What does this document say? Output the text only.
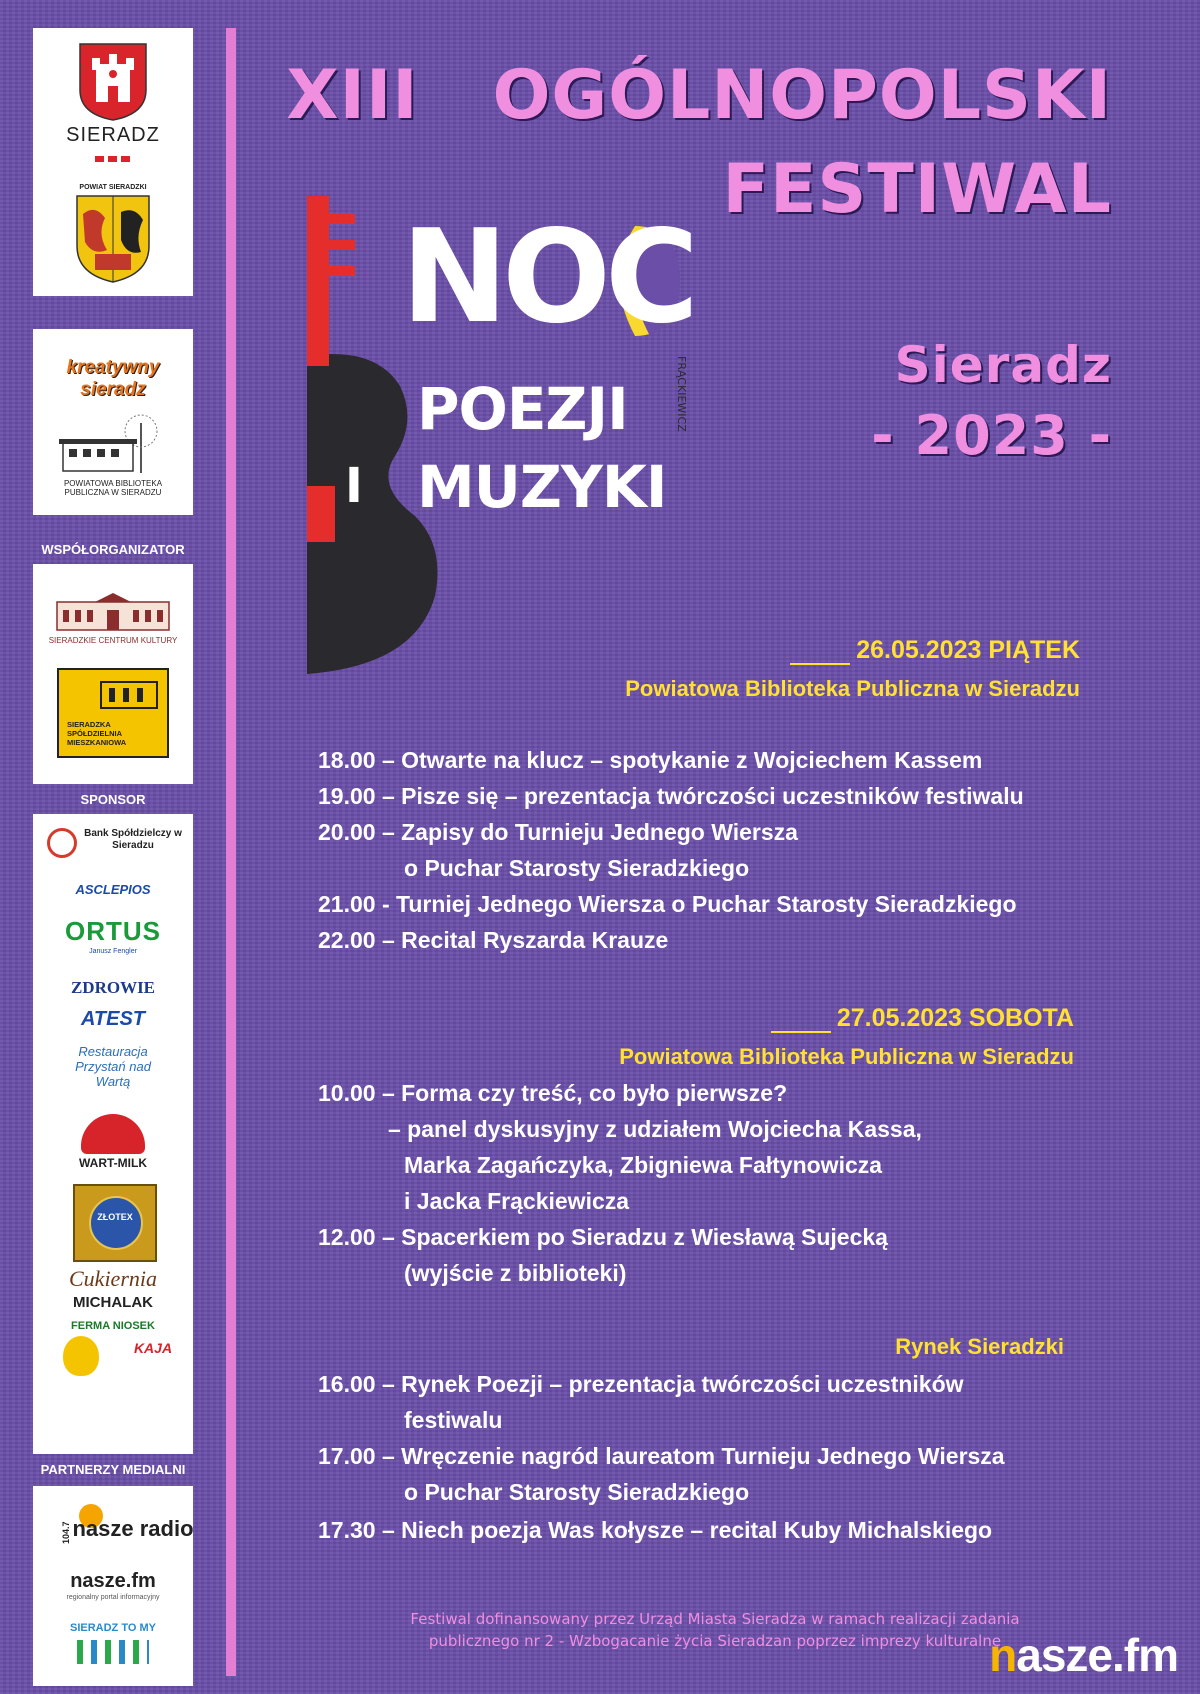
SIERADZ
POWIAT SIERADZKI
ORGANIZATOR
kreatywny sieradz
POWIATOWA BIBLIOTEKA PUBLICZNA W SIERADZU
WSPÓŁORGANIZATOR
SIERADZKIE CENTRUM KULTURY
SIERADZKA SPÓŁDZIELNIA MIESZKANIOWA
SPONSOR
Bank Spółdzielczy w Sieradzu
ASCLEPIOS
ORTUS
Janusz Fengler
ZDROWIE
ATEST
Restauracja Przystań nad Wartą
WART-MILK
ZŁOTEX
Cukiernia
MICHALAK
FERMA NIOSEK
KAJA
PARTNERZY MEDIALNI
104.7 nasze radio
nasze.fm
regionalny portal informacyjny
SIERADZ TO MY
XIII   OGÓLNOPOLSKI
FESTIWAL
Sieradz
- 2023 -
NOC
POEZJI
I MUZYKI
FRĄCKIEWICZ
26.05.2023 PIĄTEK
Powiatowa Biblioteka Publiczna w Sieradzu
18.00 – Otwarte na klucz – spotykanie z Wojciechem Kassem
19.00 – Pisze się – prezentacja twórczości uczestników festiwalu
20.00 – Zapisy do Turnieju Jednego Wiersza
o Puchar Starosty Sieradzkiego
21.00 - Turniej Jednego Wiersza o Puchar Starosty Sieradzkiego
22.00 – Recital Ryszarda Krauze
27.05.2023 SOBOTA
Powiatowa Biblioteka Publiczna w Sieradzu
10.00 – Forma czy treść, co było pierwsze?
– panel dyskusyjny z udziałem Wojciecha Kassa,
Marka Zagańczyka, Zbigniewa Fałtynowicza
i Jacka Frąckiewicza
12.00 – Spacerkiem po Sieradzu z Wiesławą Sujecką
(wyjście z biblioteki)
Rynek Sieradzki
16.00 – Rynek Poezji – prezentacja twórczości uczestników
festiwalu
17.00 – Wręczenie nagród laureatom Turnieju Jednego Wiersza
o Puchar Starosty Sieradzkiego
17.30 – Niech poezja Was kołysze – recital Kuby Michalskiego
Festiwal dofinansowany przez Urząd Miasta Sieradza w ramach realizacji zadania
publicznego nr 2 - Wzbogacanie życia Sieradzan poprzez imprezy kulturalne
nasze.fm
